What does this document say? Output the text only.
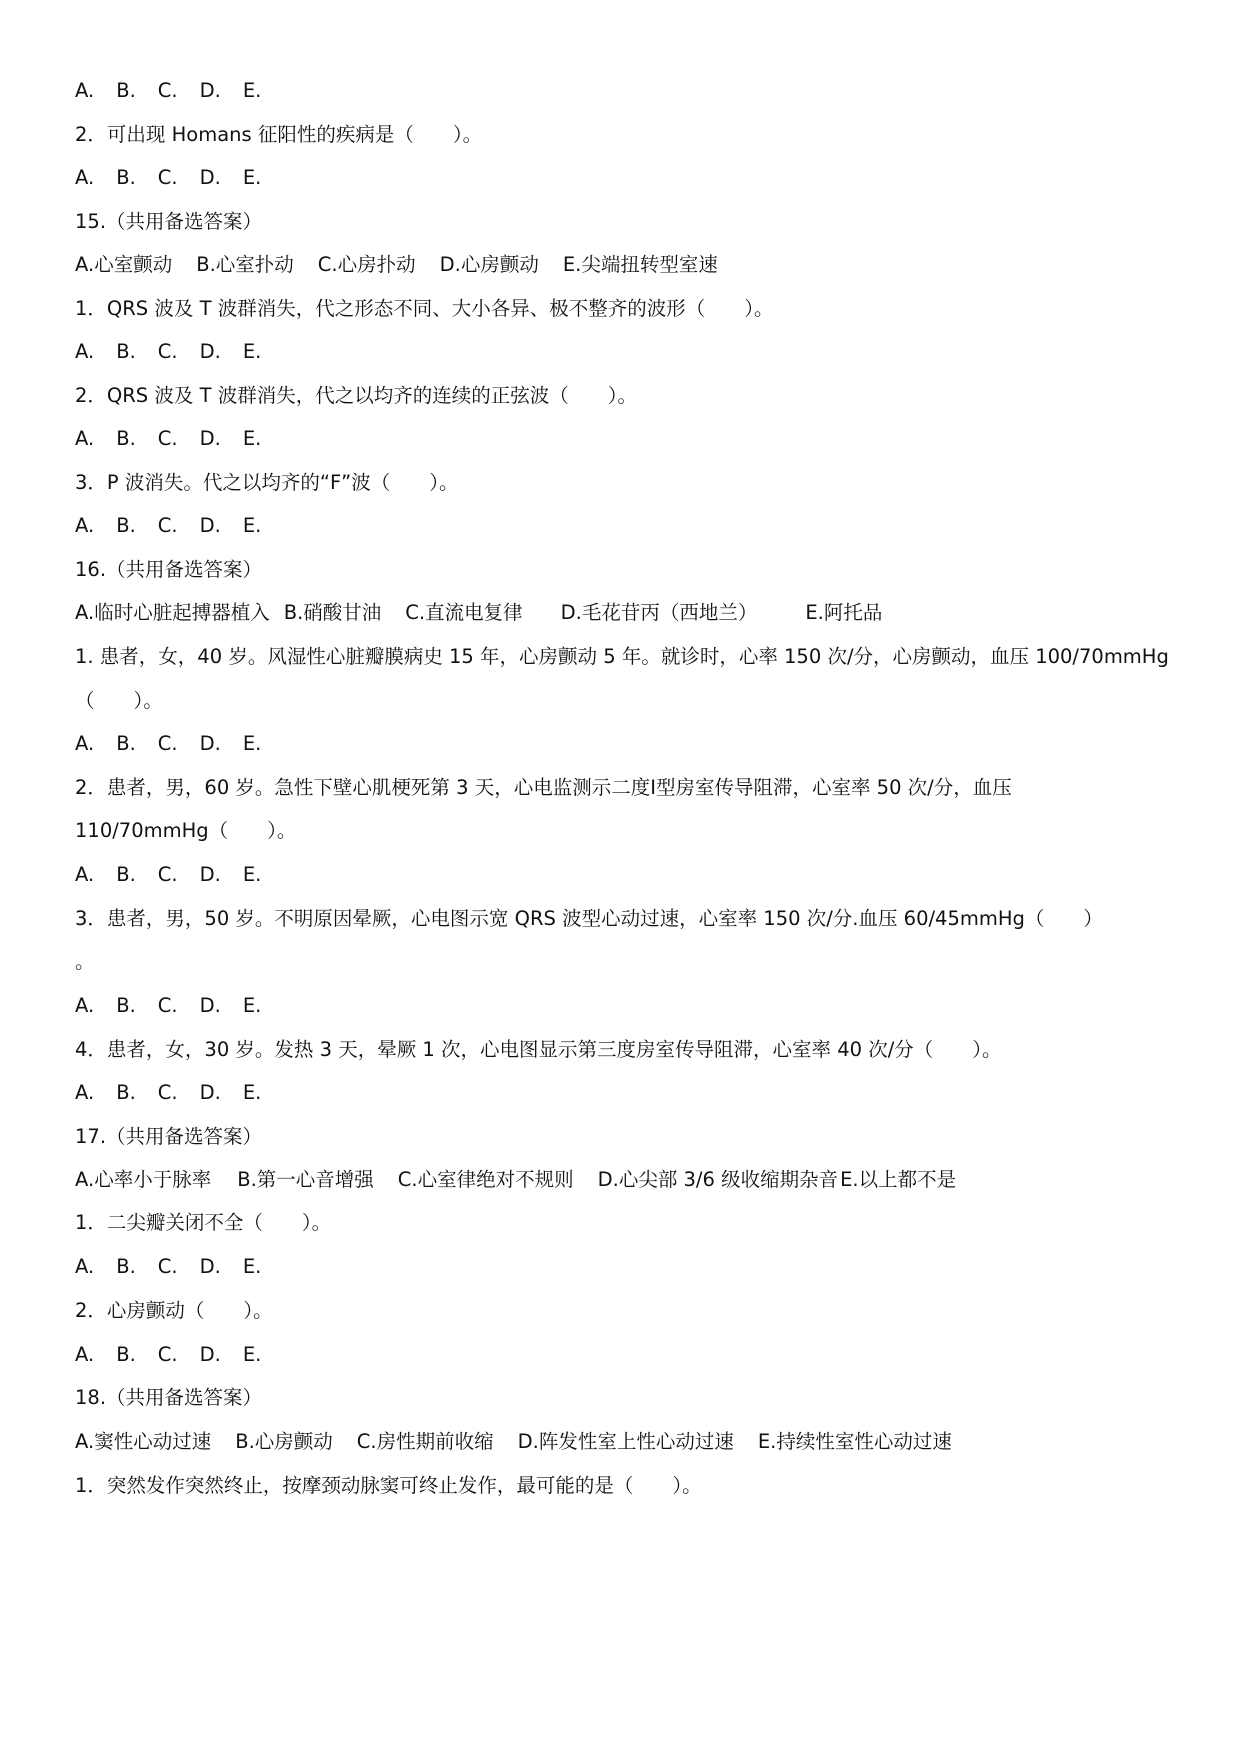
A. B. C. D. E.
2．可出现 Homans 征阳性的疾病是（　　）。
A. B. C. D. E.
15.（共用备选答案）
A.心室颤动 B.心室扑动 C.心房扑动 D.心房颤动 E.尖端扭转型室速
1．QRS 波及 T 波群消失，代之形态不同、大小各异、极不整齐的波形（　　）。
A. B. C. D. E.
2．QRS 波及 T 波群消失，代之以均齐的连续的正弦波（　　）。
A. B. C. D. E.
3．P 波消失。代之以均齐的“F”波（　　）。
A. B. C. D. E.
16.（共用备选答案）
A.临时心脏起搏器植入 B.硝酸甘油 C.直流电复律 D.毛花苷丙（西地兰） E.阿托品
1. 患者，女，40 岁。风湿性心脏瓣膜病史 15 年，心房颤动 5 年。就诊时，心率 150 次/分，心房颤动，血压 100/70mmHg
（　　）。
A. B. C. D. E.
2．患者，男，60 岁。急性下壁心肌梗死第 3 天，心电监测示二度Ⅰ型房室传导阻滞，心室率 50 次/分，血压
110/70mmHg（　　）。
A. B. C. D. E.
3．患者，男，50 岁。不明原因晕厥，心电图示宽 QRS 波型心动过速，心室率 150 次/分.血压 60/45mmHg（　　）
。
A. B. C. D. E.
4．患者，女，30 岁。发热 3 天，晕厥 1 次，心电图显示第三度房室传导阻滞，心室率 40 次/分（　　）。
A. B. C. D. E.
17.（共用备选答案）
A.心率小于脉率 B.第一心音增强 C.心室律绝对不规则 D.心尖部 3/6 级收缩期杂音 E.以上都不是
1．二尖瓣关闭不全（　　）。
A. B. C. D. E.
2．心房颤动（　　）。
A. B. C. D. E.
18.（共用备选答案）
A.窦性心动过速 B.心房颤动 C.房性期前收缩 D.阵发性室上性心动过速 E.持续性室性心动过速
1．突然发作突然终止，按摩颈动脉窦可终止发作，最可能的是（　　）。
